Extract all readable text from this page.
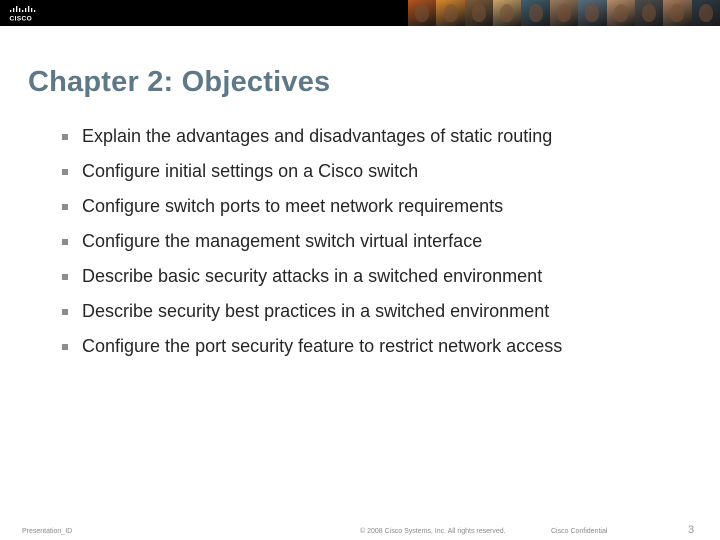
CISCO
Chapter 2: Objectives
Explain the advantages and disadvantages of static routing
Configure initial settings on a Cisco switch
Configure switch ports to meet network requirements
Configure the management switch virtual interface
Describe basic security attacks in a switched environment
Describe security best practices in a switched environment
Configure the port security feature to restrict network access
Presentation_ID	© 2008 Cisco Systems, Inc. All rights reserved.	Cisco Confidential	3
